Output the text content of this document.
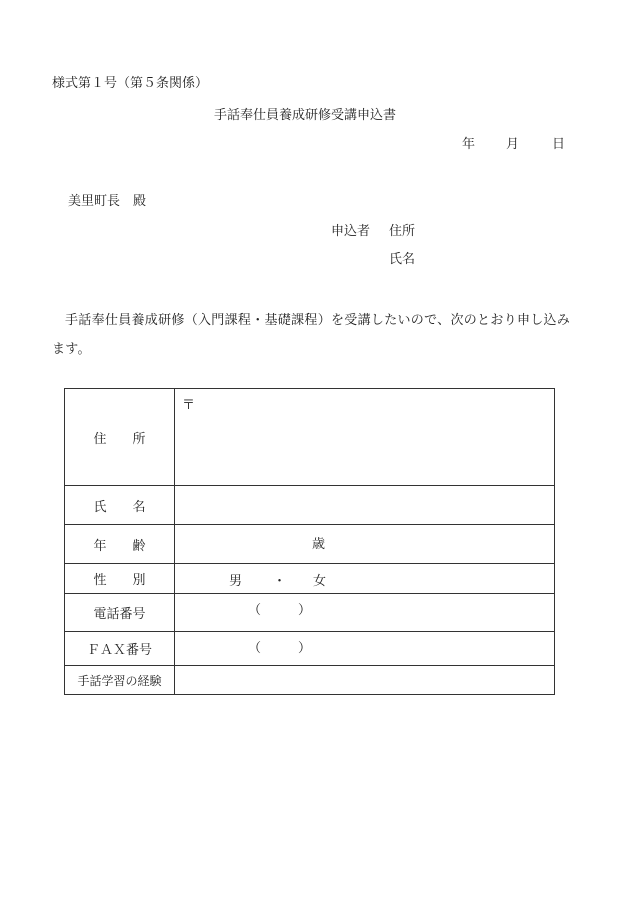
様式第１号（第５条関係）
手話奉仕員養成研修受講申込書
年 月	日
美里町長　殿
申込者 住所
氏名
手話奉仕員養成研修（入門課程・基礎課程）を受講したいので、次のとおり申し込みます。
住　　所	〒

氏　　名	
年　　齢	歳

性　　別	男 ・ 女

電話番号	（ ）

ＦＡＸ番号	（ ）

手話学習の経験	
